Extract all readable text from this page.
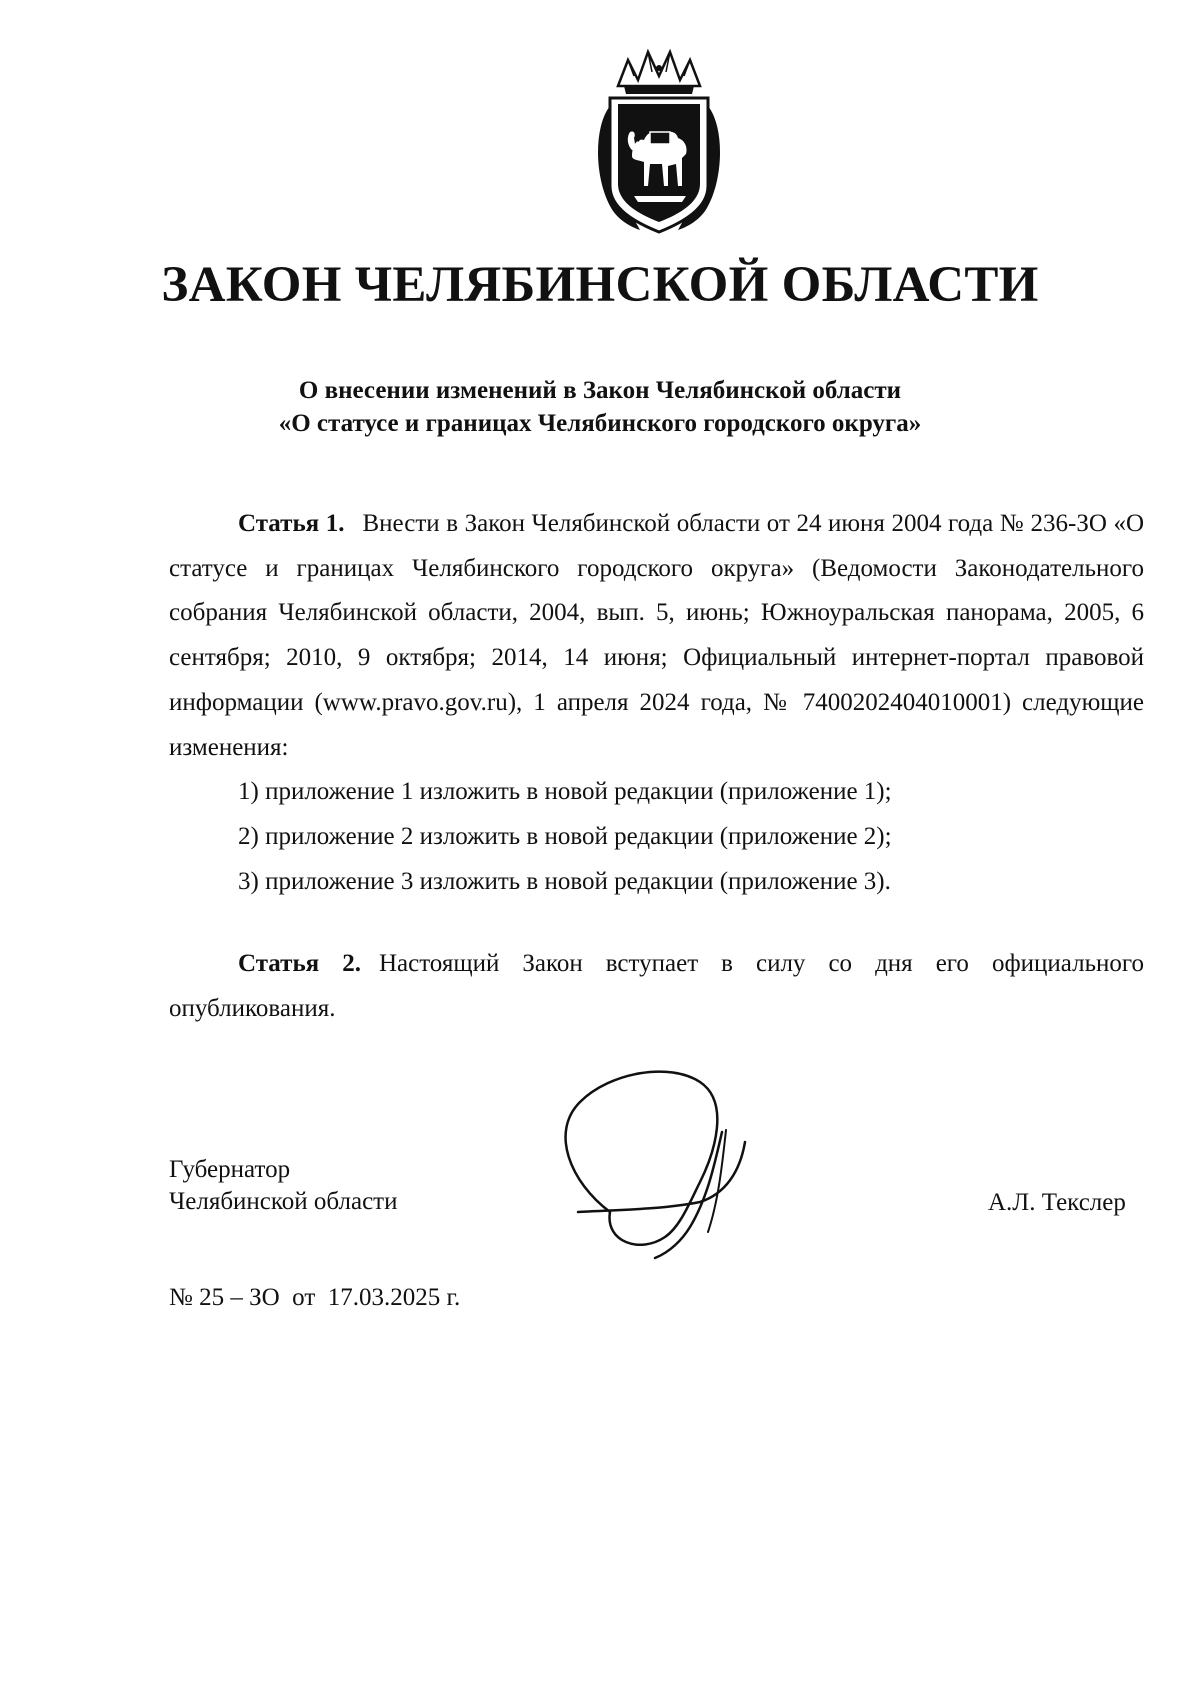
ЗАКОН ЧЕЛЯБИНСКОЙ ОБЛАСТИ
О внесении изменений в Закон Челябинской области
«О статусе и границах Челябинского городского округа»

Статья 1. Внести в Закон Челябинской области от 24 июня 2004 года № 236-ЗО «О статусе и границах Челябинского городского округа» (Ведомости Законодательного собрания Челябинской области, 2004, вып. 5, июнь; Южноуральская панорама, 2005, 6 сентября; 2010, 9 октября; 2014, 14 июня; Официальный интернет-портал правовой информации (www.pravo.gov.ru), 1 апреля 2024 года, № 7400202404010001) следующие изменения:

1) приложение 1 изложить в новой редакции (приложение 1);

2) приложение 2 изложить в новой редакции (приложение 2);

3) приложение 3 изложить в новой редакции (приложение 3).

Статья 2. Настоящий Закон вступает в силу со дня его официального опубликования.

Губернатор
Челябинской области	А.Л. Текслер
№ 25 – ЗО  от  17.03.2025 г.
